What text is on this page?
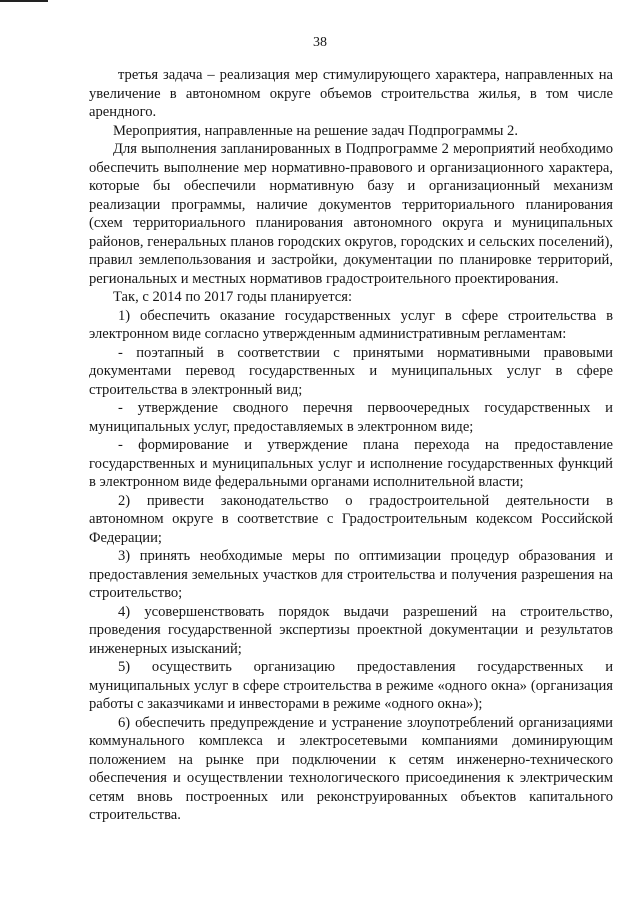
38

третья задача – реализация мер стимулирующего характера, направленных на увеличение в автономном округе объемов строительства жилья, в том числе арендного.

Мероприятия, направленные на решение задач Подпрограммы 2.

Для выполнения запланированных в Подпрограмме 2 мероприятий необходимо обеспечить выполнение мер нормативно-правового и организационного характера, которые бы обеспечили нормативную базу и организационный механизм реализации программы, наличие документов территориального планирования (схем территориального планирования автономного округа и муниципальных районов, генеральных планов городских округов, городских и сельских поселений), правил землепользования и застройки, документации по планировке территорий, региональных и местных нормативов градостроительного проектирования.

Так, с 2014 по 2017 годы планируется:

1) обеспечить оказание государственных услуг в сфере строительства в электронном виде согласно утвержденным административным регламентам:

- поэтапный в соответствии с принятыми нормативными правовыми документами перевод государственных и муниципальных услуг в сфере строительства в электронный вид;

- утверждение сводного перечня первоочередных государственных и муниципальных услуг, предоставляемых в электронном виде;

- формирование и утверждение плана перехода на предоставление государственных и муниципальных услуг и исполнение государственных функций в электронном виде федеральными органами исполнительной власти;

2) привести законодательство о градостроительной деятельности в автономном округе в соответствие с Градостроительным кодексом Российской Федерации;

3) принять необходимые меры по оптимизации процедур образования и предоставления земельных участков для строительства и получения разрешения на строительство;

4) усовершенствовать порядок выдачи разрешений на строительство, проведения государственной экспертизы проектной документации и результатов инженерных изысканий;

5) осуществить организацию предоставления государственных и муниципальных услуг в сфере строительства в режиме «одного окна» (организация работы с заказчиками и инвесторами в режиме «одного окна»);

6) обеспечить предупреждение и устранение злоупотреблений организациями коммунального комплекса и электросетевыми компаниями доминирующим положением на рынке при подключении к сетям инженерно-технического обеспечения и осуществлении технологического присоединения к электрическим сетям вновь построенных или реконструированных объектов капитального строительства.
